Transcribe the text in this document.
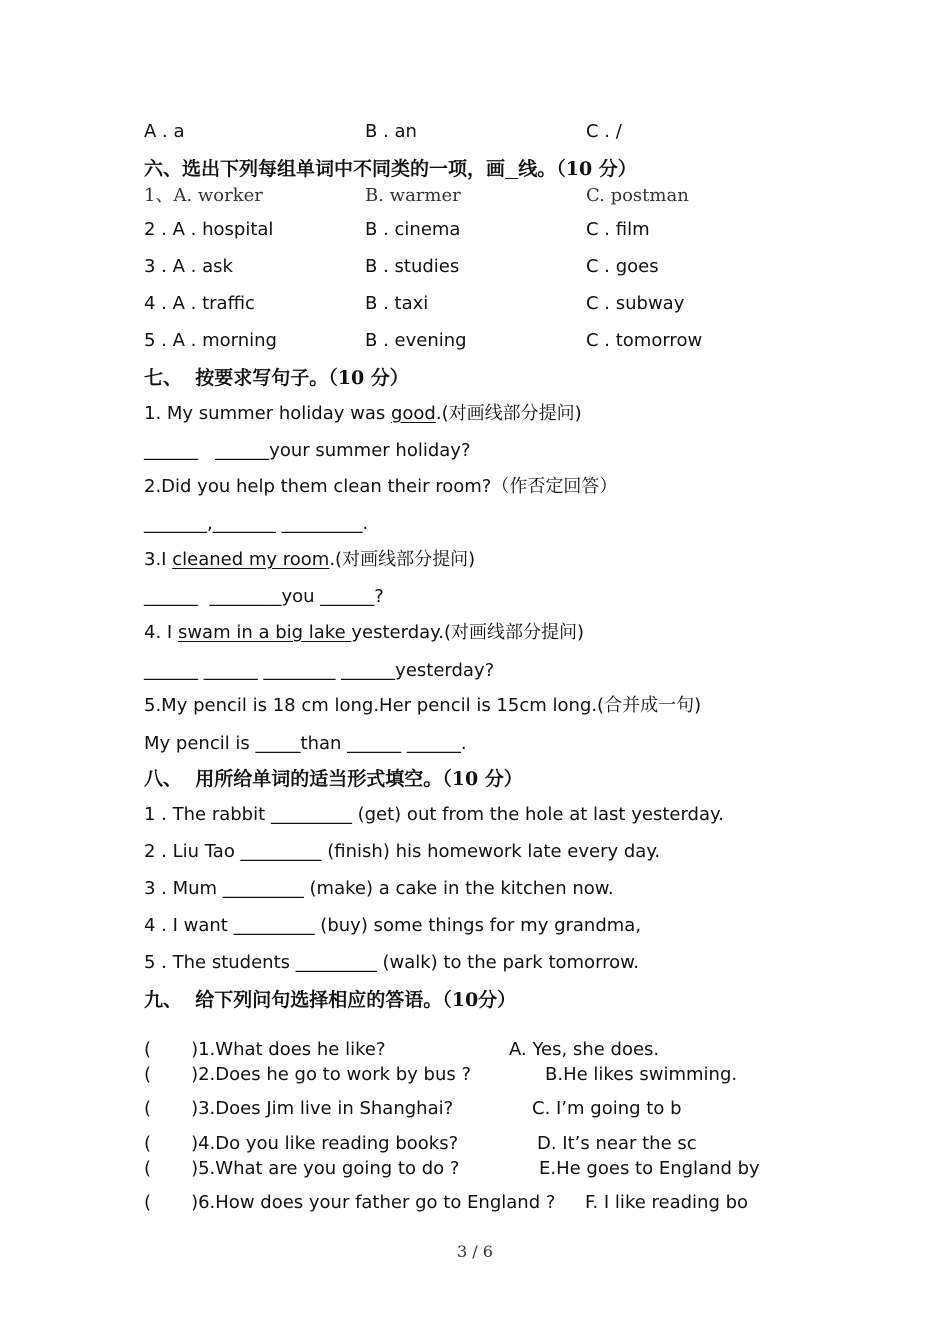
A . a	B . an	C . /
六、选出下列每组单词中不同类的一项，画 线。（10 分）
1、A. worker	B. warmer	C. postman
2 . A . hospital	B . cinema	C . film
3 . A . ask	B . studies	C . goes
4 . A . traffic	B . taxi	C . subway
5 . A . morning	B . evening	C . tomorrow
七、  按要求写句子。（10 分）
1. My summer holiday was good.(对画线部分提问)
______   ______your summer holiday?
2.Did you help them clean their room?（作否定回答）
_______,_______ _________.
3.I cleaned my room.(对画线部分提问)
______  ________you ______?
4. I swam in a big lake yesterday.(对画线部分提问)
______ ______ ________ ______yesterday?
5.My pencil is 18 cm long.Her pencil is 15cm long.(合并成一句)
My pencil is _____than ______ ______.
八、  用所给单词的适当形式填空。（10 分）
1 . The rabbit _________ (get) out from the hole at last yesterday.
2 . Liu Tao _________ (finish) his homework late every day.
3 . Mum _________ (make) a cake in the kitchen now.
4 . I want _________ (buy) some things for my grandma,
5 . The students _________ (walk) to the park tomorrow.
九、  给下列问句选择相应的答语。（10分）
(       )1.What does he like?	A. Yes, she does.
(       )2.Does he go to work by bus ?	B.He likes swimming.
(       )3.Does Jim live in Shanghai?	C. I’m going to b
(       )4.Do you like reading books?	D. It’s near the sc
(       )5.What are you going to do ?	E.He goes to England by
(       )6.How does your father go to England ? F. I like reading bo
3 / 6
